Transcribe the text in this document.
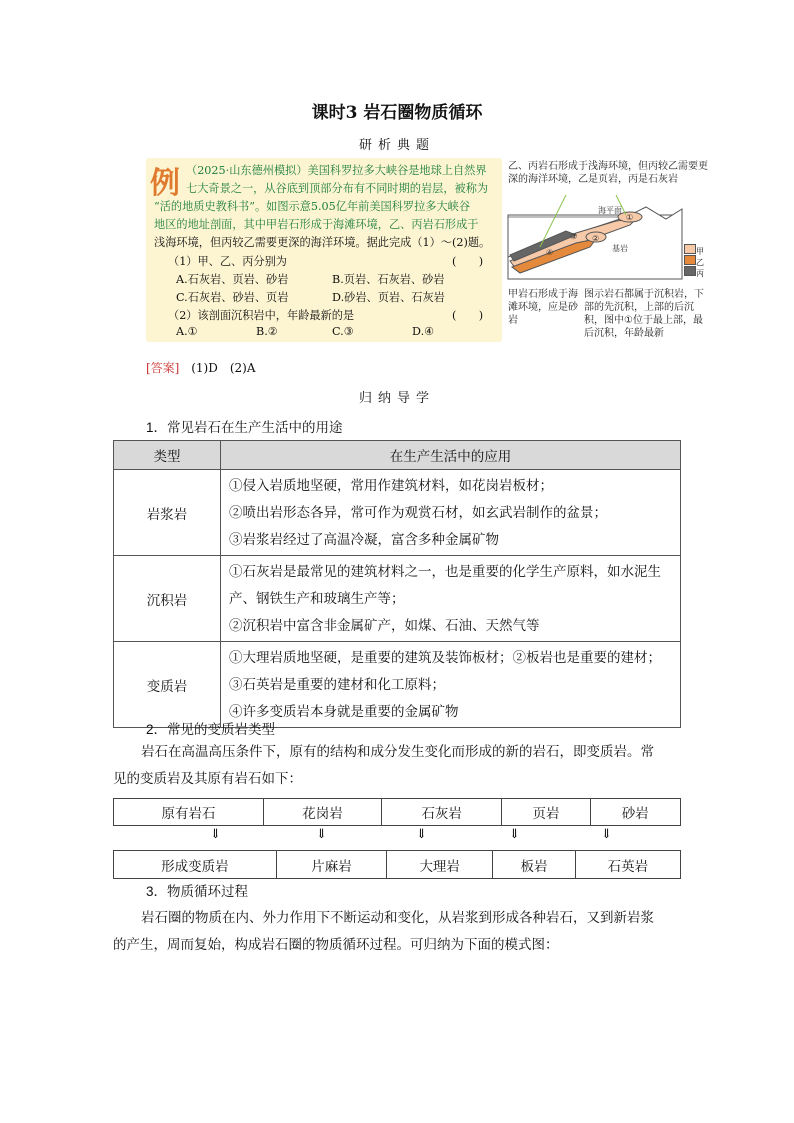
课时3 岩石圈物质循环
研析典题
例 （2025·山东德州模拟）美国科罗拉多大峡谷是地球上自然界
七大奇景之一，从谷底到顶部分布有不同时期的岩层，被称为
“活的地质史教科书”。如图示意5.05亿年前美国科罗拉多大峡谷
地区的地址剖面，其中甲岩石形成于海滩环境，乙、丙岩石形成于
浅海环境，但丙较乙需要更深的海洋环境。据此完成（1）～(2)题。
（1）甲、乙、丙分别为	(　　)
A.石灰岩、页岩、砂岩	B.页岩、石灰岩、砂岩
C.石灰岩、砂岩、页岩	D.砂岩、页岩、石灰岩
（2）该剖面沉积岩中，年龄最新的是	(　　)
A.①	B.②	C.③	D.④
乙、丙岩石形成于浅海环境，但丙较乙需要更深的海洋环境，乙是页岩，丙是石灰岩
海平面
①
②
③
④	基岩	甲
乙
丙
甲岩石形成于海滩环境，应是砂岩
图示岩石都属于沉积岩，下部的先沉积，上部的后沉积，图中①位于最上部，最后沉积，年龄最新
[答案] (1)D　(2)A
归纳导学
1．常见岩石在生产生活中的用途
类型	在生产生活中的应用
岩浆岩	①侵入岩质地坚硬，常用作建筑材料，如花岗岩板材；
②喷出岩形态各异，常可作为观赏石材，如玄武岩制作的盆景；
③岩浆岩经过了高温冷凝，富含多种金属矿物

沉积岩	①石灰岩是最常见的建筑材料之一，也是重要的化学生产原料，如水泥生
产、钢铁生产和玻璃生产等；
②沉积岩中富含非金属矿产，如煤、石油、天然气等

变质岩	①大理岩质地坚硬，是重要的建筑及装饰板材；②板岩也是重要的建材；
③石英岩是重要的建材和化工原料；
④许多变质岩本身就是重要的金属矿物
2．常见的变质岩类型
岩石在高温高压条件下，原有的结构和成分发生变化而形成的新的岩石，即变质岩。常
见的变质岩及其原有岩石如下：
原有岩石	花岗岩	石灰岩	页岩	砂岩
⇓	⇓	⇓	⇓	⇓
形成变质岩	片麻岩	大理岩	板岩	石英岩
3．物质循环过程
岩石圈的物质在内、外力作用下不断运动和变化，从岩浆到形成各种岩石，又到新岩浆
的产生，周而复始，构成岩石圈的物质循环过程。可归纳为下面的模式图：
